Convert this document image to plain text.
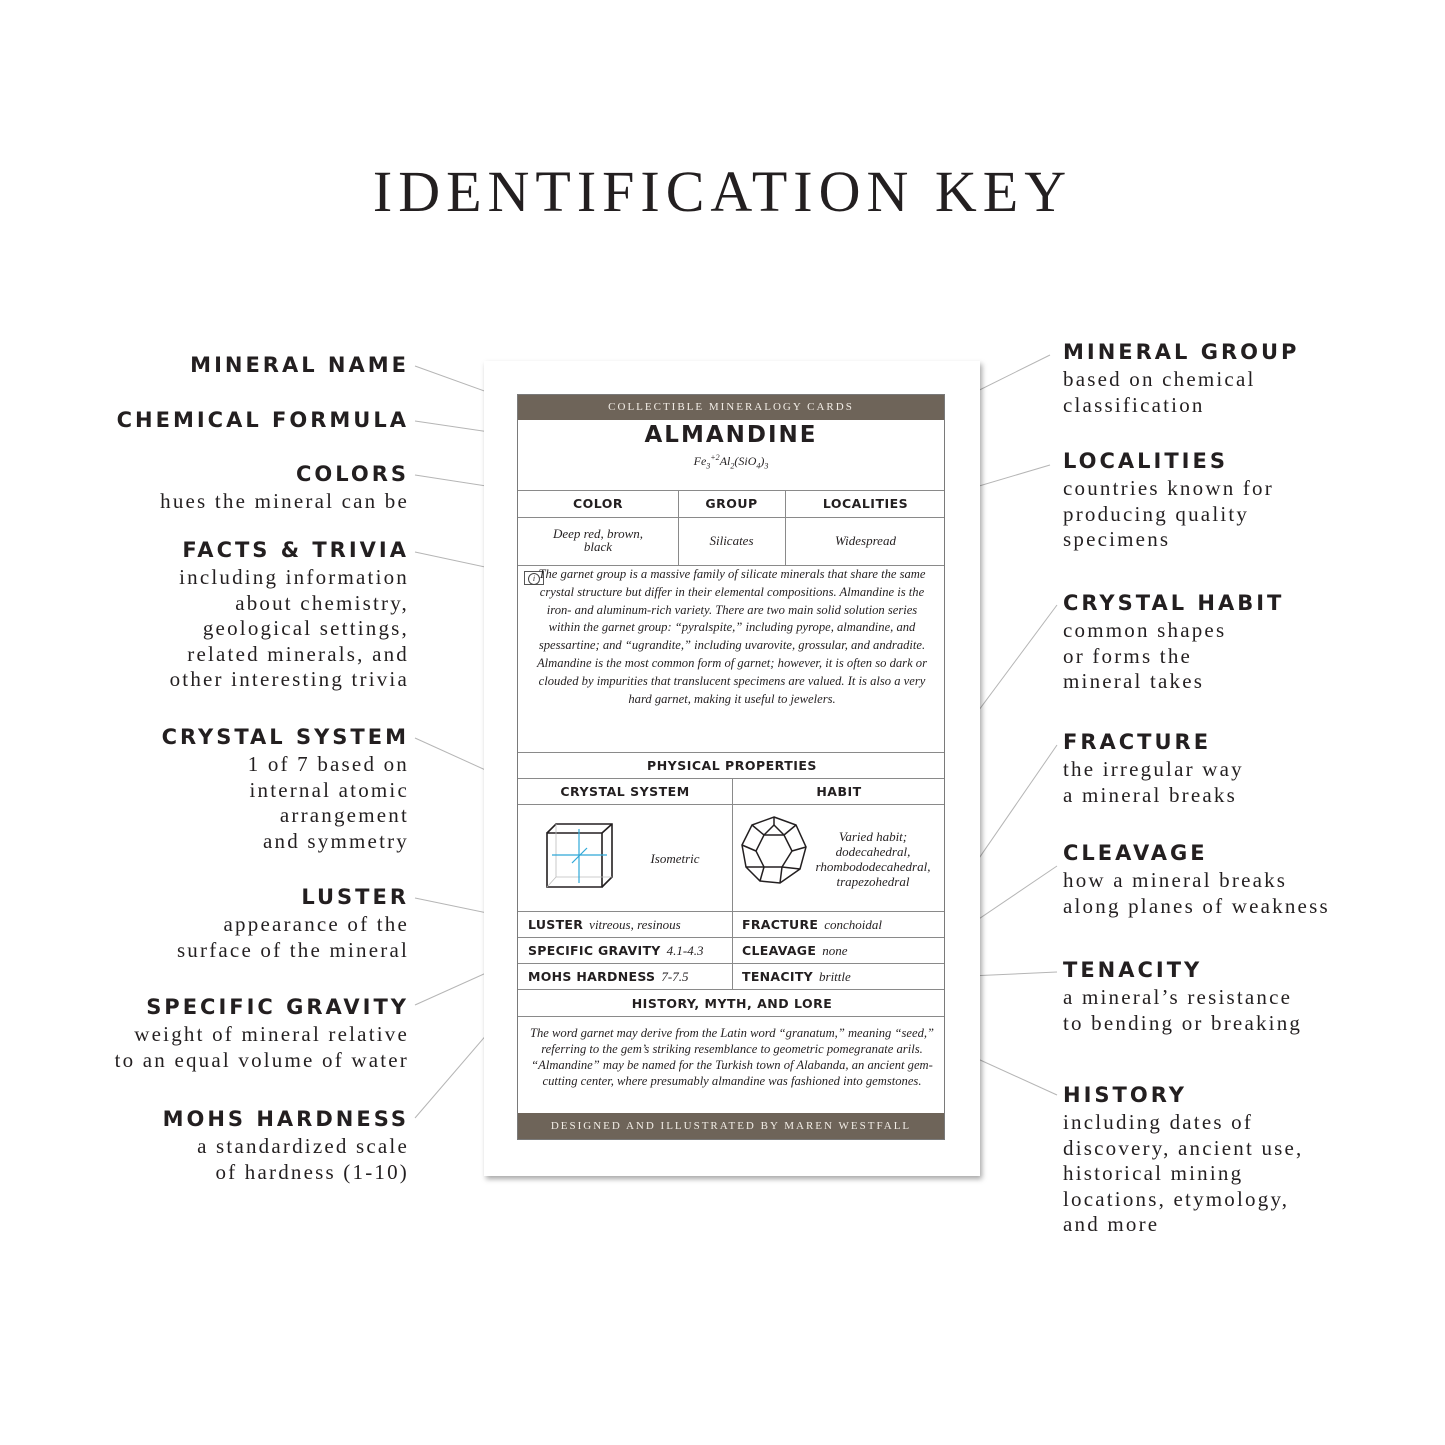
IDENTIFICATION KEY
MINERAL NAME
CHEMICAL FORMULA
COLORS
hues the mineral can be
FACTS & TRIVIA
including information
about chemistry,
geological settings,
related minerals, and
other interesting trivia
CRYSTAL SYSTEM
1 of 7 based on
internal atomic
arrangement
and symmetry
LUSTER
appearance of the
surface of the mineral
SPECIFIC GRAVITY
weight of mineral relative
to an equal volume of water
MOHS HARDNESS
a standardized scale
of hardness (1-10)
MINERAL GROUP
based on chemical
classification
LOCALITIES
countries known for
producing quality
specimens
CRYSTAL HABIT
common shapes
or forms the
mineral takes
FRACTURE
the irregular way
a mineral breaks
CLEAVAGE
how a mineral breaks
along planes of weakness
TENACITY
a mineral’s resistance
to bending or breaking
HISTORY
including dates of
discovery, ancient use,
historical mining
locations, etymology,
and more
COLLECTIBLE MINERALOGY CARDS
ALMANDINE
$Fe_3^{+2}Al_2(SiO_4)_3$
COLOR	GROUP	LOCALITIES
Deep red, brown,
black	Silicates	Widespread
i The garnet group is a massive family of silicate minerals that share the same crystal structure but differ in their elemental compositions. Almandine is the iron- and aluminum-rich variety. There are two main solid solution series within the garnet group: “pyralspite,” including pyrope, almandine, and spessartine; and “ugrandite,” including uvarovite, grossular, and andradite. Almandine is the most common form of garnet; however, it is often so dark or clouded by impurities that translucent specimens are valued. It is also a very hard garnet, making it useful to jewelers.
PHYSICAL PROPERTIES
CRYSTAL SYSTEM	HABIT
Isometric
Varied habit;
dodecahedral,
rhombododecahedral,
trapezohedral
LUSTER vitreous, resinous	FRACTURE conchoidal
SPECIFIC GRAVITY 4.1-4.3	CLEAVAGE none
MOHS HARDNESS 7-7.5	TENACITY brittle
HISTORY, MYTH, AND LORE
The word garnet may derive from the Latin word “granatum,” meaning “seed,” referring to the gem’s striking resemblance to geometric pomegranate arils. “Almandine” may be named for the Turkish town of Alabanda, an ancient gem-cutting center, where presumably almandine was fashioned into gemstones.
DESIGNED AND ILLUSTRATED BY MAREN WESTFALL
